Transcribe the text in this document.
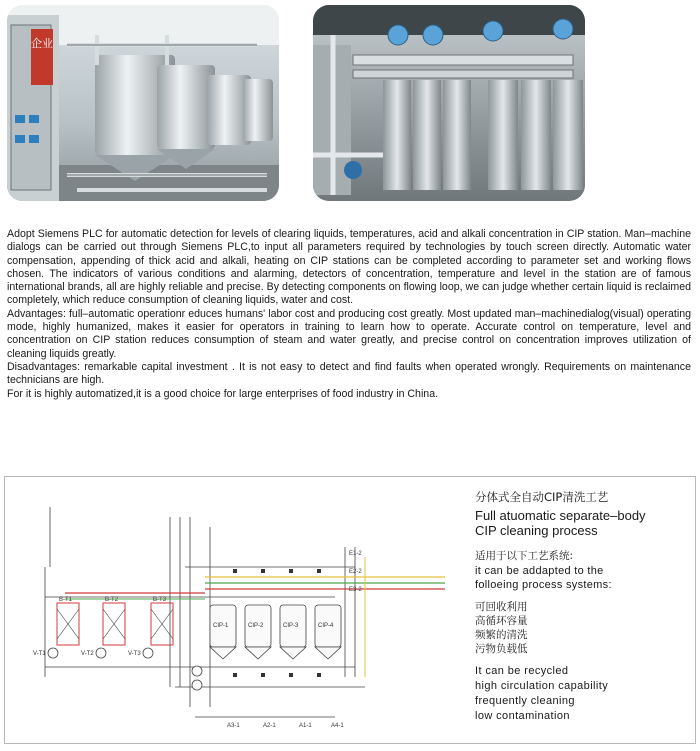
企业

Adopt Siemens PLC for automatic detection for levels of clearing liquids, temperatures, acid and alkali concentration in CIP station. Man–machine dialogs can be carried out through Siemens PLC,to input all parameters required by technologies by touch screen directly. Automatic water compensation, appending of thick acid and alkali, heating on CIP stations can be completed according to parameter set and working flows chosen. The indicators of various conditions and alarming, detectors of concentration, temperature and level in the station are of famous international brands, all are highly reliable and precise. By detecting components on flowing loop, we can judge whether certain liquid is reclaimed completely, which reduce consumption of cleaning liquids, water and cost.

Advantages: full–automatic operationr educes humans' labor cost and producing cost greatly. Most updated man–machinedialog(visual) operating mode, highly humanized, makes it easier for operators in training to learn how to operate. Accurate control on temperature, level and concentration on CIP station reduces consumption of steam and water greatly, and precise control on concentration improves utilization of cleaning liquids greatly.

Disadvantages: remarkable capital investment . It is not easy to detect and find faults when operated wrongly. Requirements on maintenance technicians are high.

For it is highly automatized,it is a good choice for large enterprises of food industry in China.

B-T1	B-T2	B-T3
CIP-1	CIP-2	CIP-3	CIP-4
V-T1	V-T2	V-T3
E1-2
E2-2
E3-2
A3-1	A2-1	A1-1	A4-1
分体式全自动CIP清洗工艺
Full atuomatic separate–body
CIP cleaning process
适用于以下工艺系统:
it can be addapted to the
folloeing process systems:
可回收利用
高循环容量
频繁的清洗
污物负载低
It can be recycled
high circulation capability
frequently cleaning
low contamination
